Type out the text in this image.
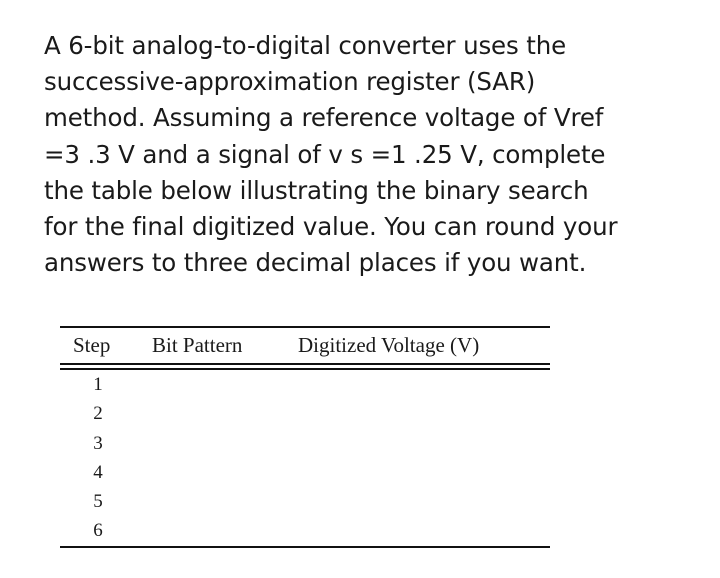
A 6-bit analog-to-digital converter uses the
successive-approximation register (SAR)
method. Assuming a reference voltage of Vref
=3 .3 V and a signal of v s =1 .25 V, complete
the table below illustrating the binary search
for the final digitized value. You can round your
answers to three decimal places if you want.

Step Bit Pattern	Digitized Voltage (V)
1
2
3
4
5
6
